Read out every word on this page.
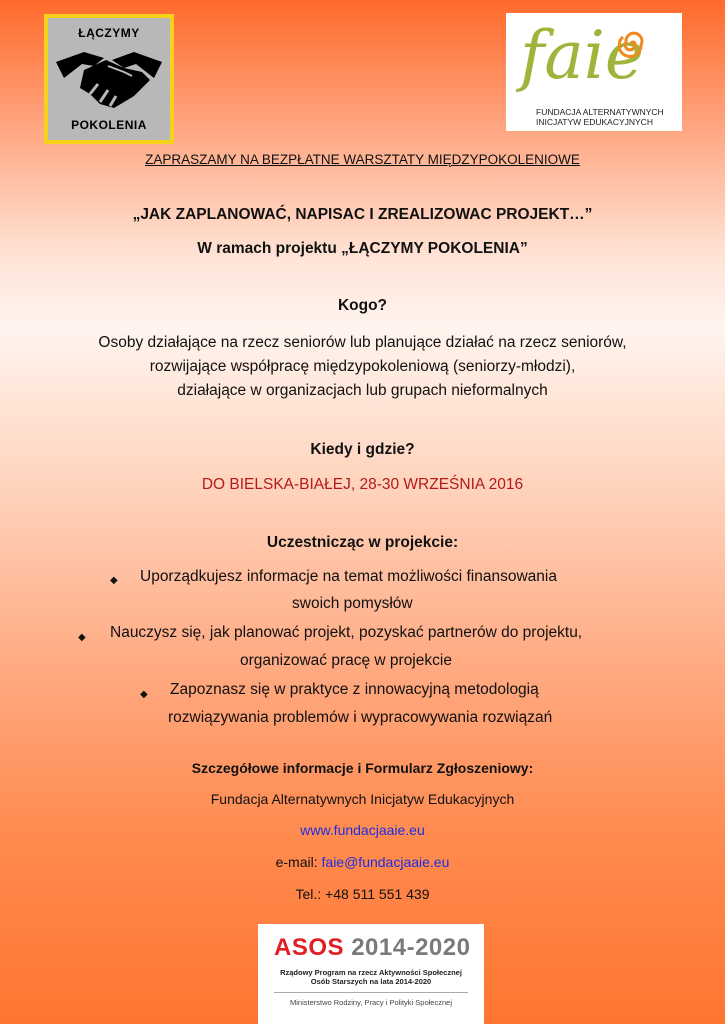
ŁĄCZYMY
POKOLENIA
faie
FUNDACJA ALTERNATYWNYCH
INICJATYW EDUKACYJNYCH
ZAPRASZAMY NA BEZPŁATNE WARSZTATY MIĘDZYPOKOLENIOWE
„JAK ZAPLANOWAĆ, NAPISAC I ZREALIZOWAC PROJEKT…”
W ramach projektu „ŁĄCZYMY POKOLENIA”
Kogo?
Osoby działające na rzecz seniorów lub planujące działać na rzecz seniorów,
rozwijające współpracę międzypokoleniową (seniorzy-młodzi),
działające w organizacjach lub grupach nieformalnych
Kiedy i gdzie?
DO BIELSKA-BIAŁEJ, 28-30 WRZEŚNIA 2016
Uczestnicząc w projekcie:
◆ Uporządkujesz informacje na temat możliwości finansowania
swoich pomysłów
◆ Nauczysz się, jak planować projekt, pozyskać partnerów do projektu,
organizować pracę w projekcie
◆ Zapoznasz się w praktyce z innowacyjną metodologią
rozwiązywania problemów i wypracowywania rozwiązań
Szczegółowe informacje i Formularz Zgłoszeniowy:
Fundacja Alternatywnych Inicjatyw Edukacyjnych
www.fundacjaaie.eu
e-mail: faie@fundacjaaie.eu
Tel.: +48 511 551 439
ASOS 2014-2020
Rządowy Program na rzecz Aktywności Społecznej
Osób Starszych na lata 2014-2020
Ministerstwo Rodziny, Pracy i Polityki Społecznej
